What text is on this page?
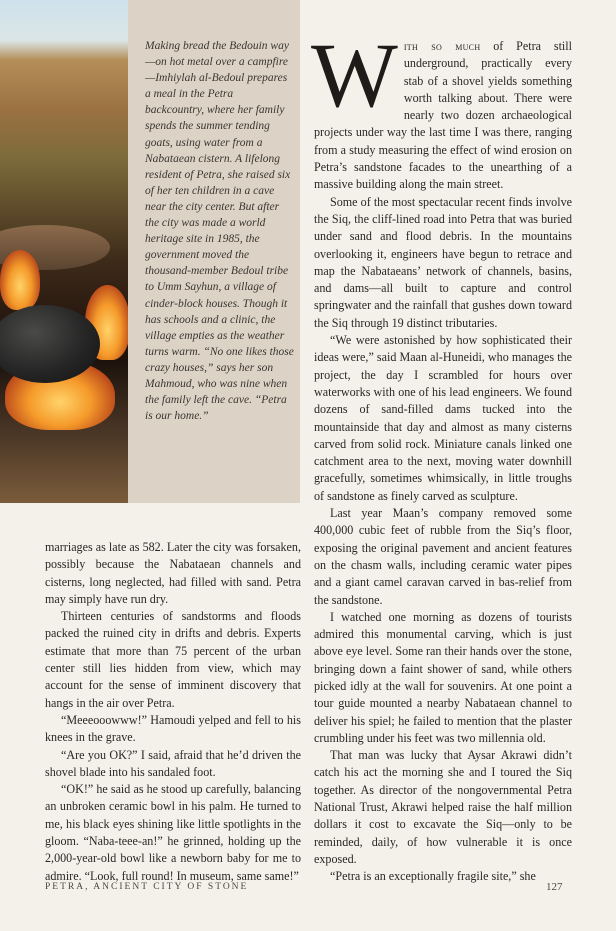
Making bread the Bedouin way—on hot metal over a campfire—Imhiylah al-Bedoul prepares a meal in the Petra backcountry, where her family spends the summer tending goats, using water from a Nabataean cistern. A lifelong resident of Petra, she raised six of her ten children in a cave near the city center. But after the city was made a world heritage site in 1985, the government moved the thousand-member Bedoul tribe to Umm Sayhun, a village of cinder-block houses. Though it has schools and a clinic, the village empties as the weather turns warm. “No one likes those crazy houses,” says her son Mahmoud, who was nine when the family left the cave. “Petra is our home.”

With so much of Petra still underground, practically every stab of a shovel yields something worth talking about. There were nearly two dozen archaeological projects under way the last time I was there, ranging from a study measuring the effect of wind erosion on Petra’s sandstone facades to the unearthing of a massive building along the main street.

Some of the most spectacular recent finds involve the Siq, the cliff-lined road into Petra that was buried under sand and flood debris. In the mountains overlooking it, engineers have begun to retrace and map the Nabataeans’ network of channels, basins, and dams—all built to capture and control springwater and the rainfall that gushes down toward the Siq through 19 distinct tributaries.

“We were astonished by how sophisticated their ideas were,” said Maan al-Huneidi, who manages the project, the day I scrambled for hours over waterworks with one of his lead engineers. We found dozens of sand-filled dams tucked into the mountainside that day and almost as many cisterns carved from solid rock. Miniature canals linked one catchment area to the next, moving water downhill gracefully, sometimes whimsically, in little troughs of sandstone as finely carved as sculpture.

Last year Maan’s company removed some 400,000 cubic feet of rubble from the Siq’s floor, exposing the original pavement and ancient features on the chasm walls, including ceramic water pipes and a giant camel caravan carved in bas-relief from the sandstone.

I watched one morning as dozens of tourists admired this monumental carving, which is just above eye level. Some ran their hands over the stone, bringing down a faint shower of sand, while others picked idly at the wall for souvenirs. At one point a tour guide mounted a nearby Nabataean channel to deliver his spiel; he failed to mention that the plaster crumbling under his feet was two millennia old.

That man was lucky that Aysar Akrawi didn’t catch his act the morning she and I toured the Siq together. As director of the nongovernmental Petra National Trust, Akrawi helped raise the half million dollars it cost to excavate the Siq—only to be reminded, daily, of how vulnerable it is once exposed.

“Petra is an exceptionally fragile site,” she

marriages as late as 582. Later the city was forsaken, possibly because the Nabataean channels and cisterns, long neglected, had filled with sand. Petra may simply have run dry.

Thirteen centuries of sandstorms and floods packed the ruined city in drifts and debris. Experts estimate that more than 75 percent of the urban center still lies hidden from view, which may account for the sense of imminent discovery that hangs in the air over Petra.

“Meeeooowww!” Hamoudi yelped and fell to his knees in the grave.

“Are you OK?” I said, afraid that he’d driven the shovel blade into his sandaled foot.

“OK!” he said as he stood up carefully, balancing an unbroken ceramic bowl in his palm. He turned to me, his black eyes shining like little spotlights in the gloom. “Naba-teee-an!” he grinned, holding up the 2,000-year-old bowl like a newborn baby for me to admire. “Look, full round! In museum, same same!”

PETRA, ANCIENT CITY OF STONE	127
